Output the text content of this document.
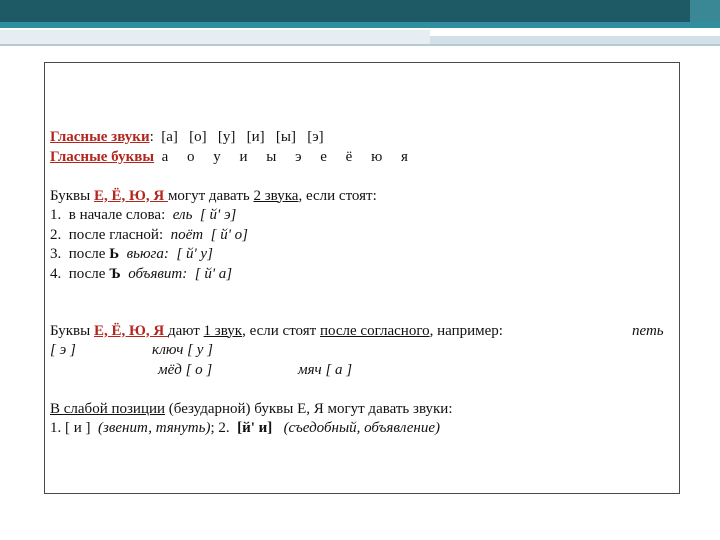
Гласные звуки: [а]   [о]   [у]   [и]   [ы]   [э]
Гласные буквы а     о     у     и     ы     э     е     ё     ю     я
Буквы Е, Ё, Ю, Я могут давать 2 звука, если стоят:
1. в начале слова: ель  [ й' э]
2. после гласной: поёт  [ й' о]
3. после Ь вьюга:  [ й' у]
4. после Ъ объявит:  [ й' а]
Буквы Е, Ё, Ю, Я дают 1 звук, если стоят после согласного, например:	петь
[ э ]	ключ [ у ]
мёд [ о ]	мяч [ а ]
В слабой позиции (безударной) буквы Е, Я могут давать звуки:
1. [ и ] (звенит, тянуть); 2. [й' и] (съедобный, объявление)
